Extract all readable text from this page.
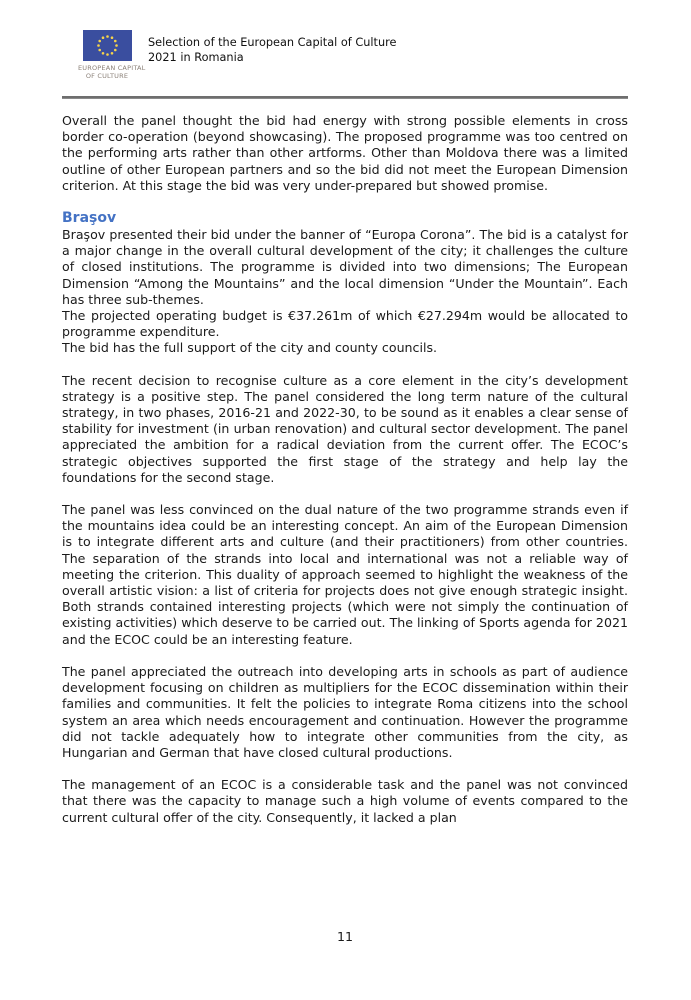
EUROPEAN CAPITAL
OF CULTURE
Selection of the European Capital of Culture
2021 in Romania

Overall the panel thought the bid had energy with strong possible elements in cross border co-operation (beyond showcasing). The proposed programme was too centred on the performing arts rather than other artforms. Other than Moldova there was a limited outline of other European partners and so the bid did not meet the European Dimension criterion. At this stage the bid was very under-prepared but showed promise.

Braşov

Braşov presented their bid under the banner of “Europa Corona”. The bid is a catalyst for a major change in the overall cultural development of the city; it challenges the culture of closed institutions. The programme is divided into two dimensions; The European Dimension “Among the Mountains” and the local dimension “Under the Mountain”. Each has three sub-themes.

The projected operating budget is €37.261m of which €27.294m would be allocated to programme expenditure.

The bid has the full support of the city and county councils.

The recent decision to recognise culture as a core element in the city’s development strategy is a positive step. The panel considered the long term nature of the cultural strategy, in two phases, 2016-21 and 2022-30, to be sound as it enables a clear sense of stability for investment (in urban renovation) and cultural sector development. The panel appreciated the ambition for a radical deviation from the current offer. The ECOC’s strategic objectives supported the first stage of the strategy and help lay the foundations for the second stage.

The panel was less convinced on the dual nature of the two programme strands even if the mountains idea could be an interesting concept. An aim of the European Dimension is to integrate different arts and culture (and their practitioners) from other countries. The separation of the strands into local and international was not a reliable way of meeting the criterion. This duality of approach seemed to highlight the weakness of the overall artistic vision: a list of criteria for projects does not give enough strategic insight. Both strands contained interesting projects (which were not simply the continuation of existing activities) which deserve to be carried out. The linking of Sports agenda for 2021 and the ECOC could be an interesting feature.

The panel appreciated the outreach into developing arts in schools as part of audience development focusing on children as multipliers for the ECOC dissemination within their families and communities. It felt the policies to integrate Roma citizens into the school system an area which needs encouragement and continuation. However the programme did not tackle adequately how to integrate other communities from the city, as Hungarian and German that have closed cultural productions.

The management of an ECOC is a considerable task and the panel was not convinced that there was the capacity to manage such a high volume of events compared to the current cultural offer of the city. Consequently, it lacked a plan

11
